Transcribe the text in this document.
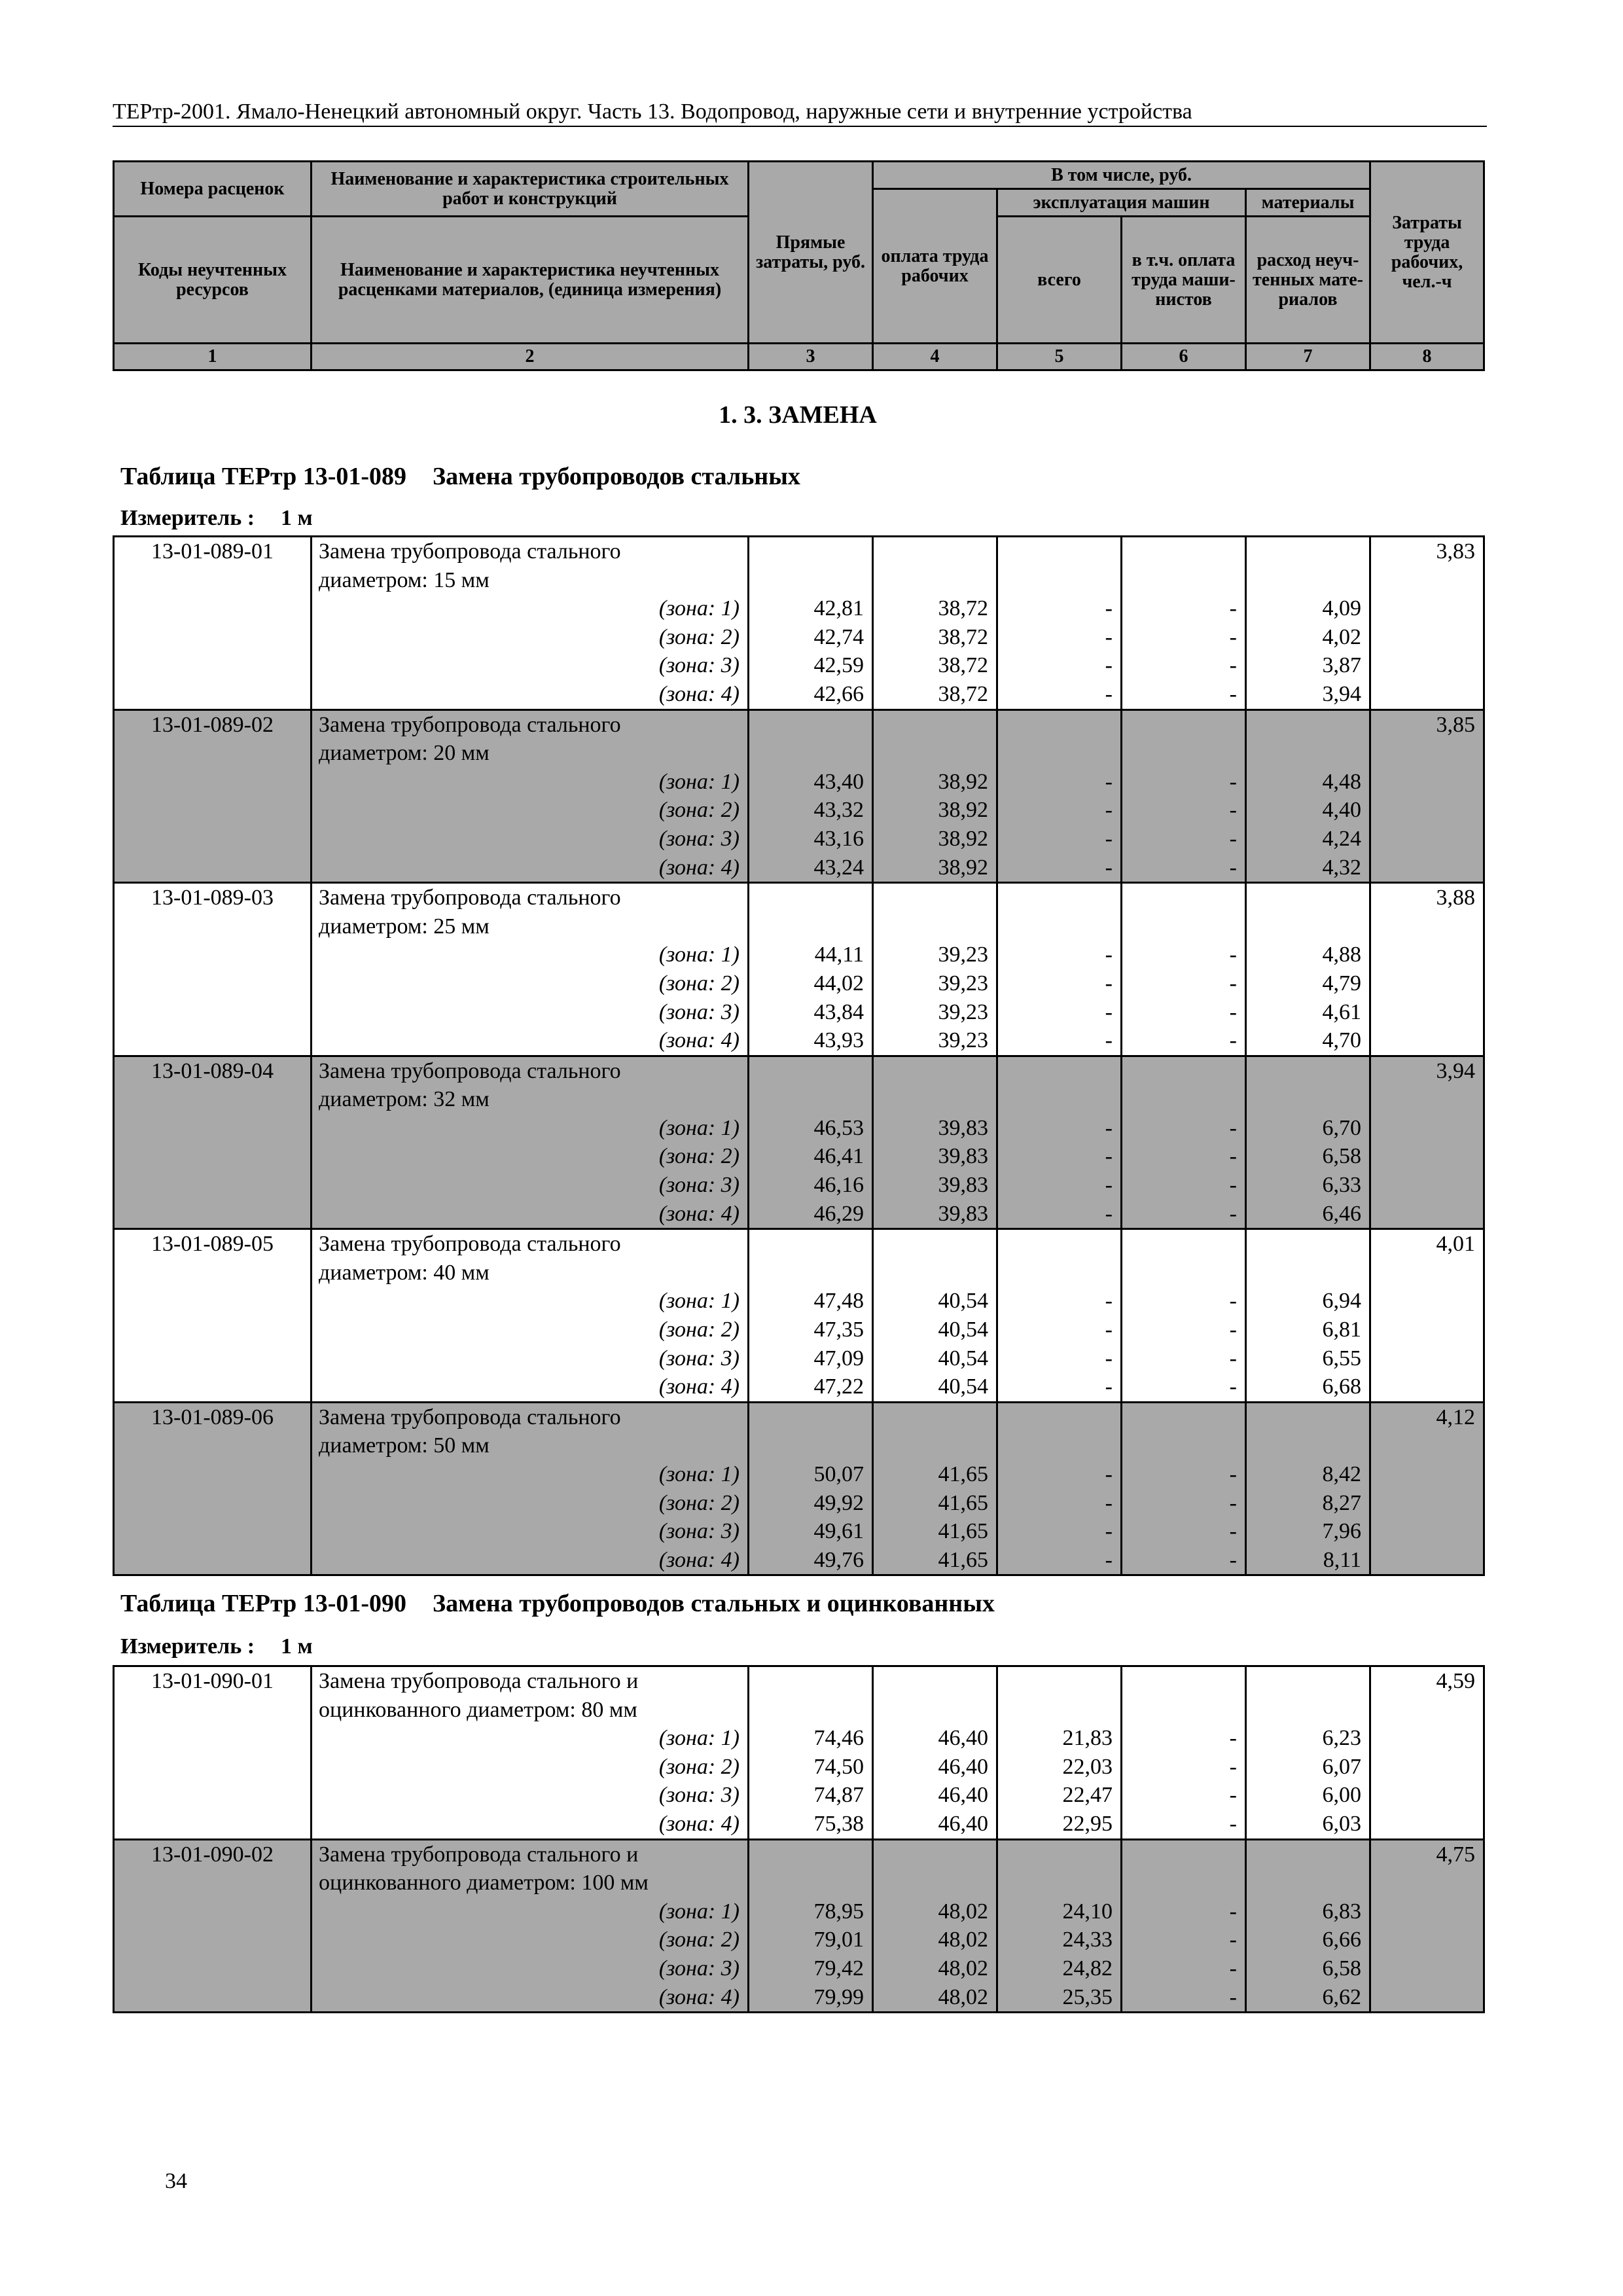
ТЕРтр-2001. Ямало-Ненецкий автономный округ. Часть 13. Водопровод, наружные сети и внутренние устройства
Номера расценок	Наименование и характеристика строительных работ и конструкций	Прямые затраты, руб.	В том числе, руб.				Затраты труда рабочих, чел.-ч
			оплата труда рабочих	эксплуатация машин		материалы	
Коды неучтенных ресурсов	Наименование и характеристика неучтенных расценками материалов, (единица измерения)			всего	в т.ч. оплата труда маши-нистов	расход неуч-тенных мате-риалов	
1	2	3	4	5	6	7	8
1. 3. ЗАМЕНА
Таблица ТЕРтр 13-01-089 Замена трубопроводов стальных
Измеритель : 1 м
13-01-089-01	Замена трубопровода стального						3,83
	диаметром: 15 мм						
	(зона: 1)	42,81	38,72	-	-	4,09	
	(зона: 2)	42,74	38,72	-	-	4,02	
	(зона: 3)	42,59	38,72	-	-	3,87	
	(зона: 4)	42,66	38,72	-	-	3,94	
13-01-089-02	Замена трубопровода стального						3,85
	диаметром: 20 мм						
	(зона: 1)	43,40	38,92	-	-	4,48	
	(зона: 2)	43,32	38,92	-	-	4,40	
	(зона: 3)	43,16	38,92	-	-	4,24	
	(зона: 4)	43,24	38,92	-	-	4,32	
13-01-089-03	Замена трубопровода стального						3,88
	диаметром: 25 мм						
	(зона: 1)	44,11	39,23	-	-	4,88	
	(зона: 2)	44,02	39,23	-	-	4,79	
	(зона: 3)	43,84	39,23	-	-	4,61	
	(зона: 4)	43,93	39,23	-	-	4,70	
13-01-089-04	Замена трубопровода стального						3,94
	диаметром: 32 мм						
	(зона: 1)	46,53	39,83	-	-	6,70	
	(зона: 2)	46,41	39,83	-	-	6,58	
	(зона: 3)	46,16	39,83	-	-	6,33	
	(зона: 4)	46,29	39,83	-	-	6,46	
13-01-089-05	Замена трубопровода стального						4,01
	диаметром: 40 мм						
	(зона: 1)	47,48	40,54	-	-	6,94	
	(зона: 2)	47,35	40,54	-	-	6,81	
	(зона: 3)	47,09	40,54	-	-	6,55	
	(зона: 4)	47,22	40,54	-	-	6,68	
13-01-089-06	Замена трубопровода стального						4,12
	диаметром: 50 мм						
	(зона: 1)	50,07	41,65	-	-	8,42	
	(зона: 2)	49,92	41,65	-	-	8,27	
	(зона: 3)	49,61	41,65	-	-	7,96	
	(зона: 4)	49,76	41,65	-	-	8,11	
Таблица ТЕРтр 13-01-090 Замена трубопроводов стальных и оцинкованных
Измеритель : 1 м
13-01-090-01	Замена трубопровода стального и						4,59
	оцинкованного диаметром: 80 мм						
	(зона: 1)	74,46	46,40	21,83	-	6,23	
	(зона: 2)	74,50	46,40	22,03	-	6,07	
	(зона: 3)	74,87	46,40	22,47	-	6,00	
	(зона: 4)	75,38	46,40	22,95	-	6,03	
13-01-090-02	Замена трубопровода стального и						4,75
	оцинкованного диаметром: 100 мм						
	(зона: 1)	78,95	48,02	24,10	-	6,83	
	(зона: 2)	79,01	48,02	24,33	-	6,66	
	(зона: 3)	79,42	48,02	24,82	-	6,58	
	(зона: 4)	79,99	48,02	25,35	-	6,62	
34
